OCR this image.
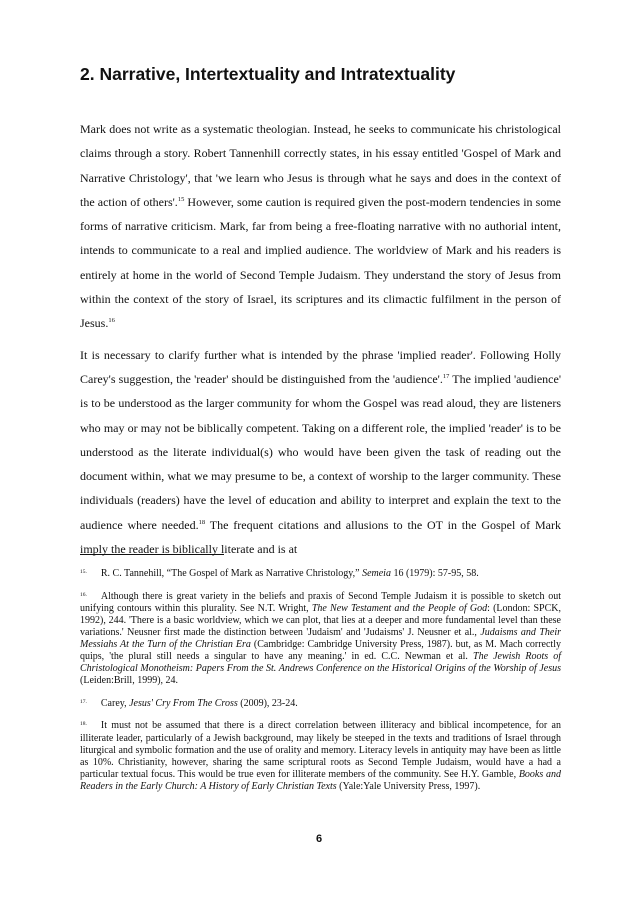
2. Narrative, Intertextuality and Intratextuality

Mark does not write as a systematic theologian. Instead, he seeks to communicate his christological claims through a story. Robert Tannenhill correctly states, in his essay entitled 'Gospel of Mark and Narrative Christology', that 'we learn who Jesus is through what he says and does in the context of the action of others'.$^{15}$ However, some caution is required given the post-modern tendencies in some forms of narrative criticism. Mark, far from being a free-floating narrative with no authorial intent, intends to communicate to a real and implied audience. The worldview of Mark and his readers is entirely at home in the world of Second Temple Judaism. They understand the story of Jesus from within the context of the story of Israel, its scriptures and its climactic fulfilment in the person of Jesus.$^{16}$

It is necessary to clarify further what is intended by the phrase 'implied reader'. Following Holly Carey's suggestion, the 'reader' should be distinguished from the 'audience'.$^{17}$ The implied 'audience' is to be understood as the larger community for whom the Gospel was read aloud, they are listeners who may or may not be biblically competent. Taking on a different role, the implied 'reader' is to be understood as the literate individual(s) who would have been given the task of reading out the document within, what we may presume to be, a context of worship to the larger community. These individuals (readers) have the level of education and ability to interpret and explain the text to the audience where needed.$^{18}$ The frequent citations and allusions to the OT in the Gospel of Mark imply the reader is biblically literate and is at

$^{15.}$ R. C. Tannehill, “The Gospel of Mark as Narrative Christology,” Semeia 16 (1979): 57-95, 58.
$^{16.}$ Although there is great variety in the beliefs and praxis of Second Temple Judaism it is possible to sketch out unifying contours within this plurality. See N.T. Wright, The New Testament and the People of God: (London: SPCK, 1992), 244. 'There is a basic worldview, which we can plot, that lies at a deeper and more fundamental level than these variations.' Neusner first made the distinction between 'Judaism' and 'Judaisms' J. Neusner et al., Judaisms and Their Messiahs At the Turn of the Christian Era (Cambridge: Cambridge University Press, 1987). but, as M. Mach correctly quips, 'the plural still needs a singular to have any meaning.' in ed. C.C. Newman et al. The Jewish Roots of Christological Monotheism: Papers From the St. Andrews Conference on the Historical Origins of the Worship of Jesus (Leiden:Brill, 1999), 24.
$^{17.}$ Carey, Jesus' Cry From The Cross (2009), 23-24.
$^{18.}$ It must not be assumed that there is a direct correlation between illiteracy and biblical incompetence, for an illiterate leader, particularly of a Jewish background, may likely be steeped in the texts and traditions of Israel through liturgical and symbolic formation and the use of orality and memory. Literacy levels in antiquity may have been as little as 10%. Christianity, however, sharing the same scriptural roots as Second Temple Judaism, would have a had a particular textual focus. This would be true even for illiterate members of the community. See H.Y. Gamble, Books and Readers in the Early Church: A History of Early Christian Texts (Yale:Yale University Press, 1997).
6
